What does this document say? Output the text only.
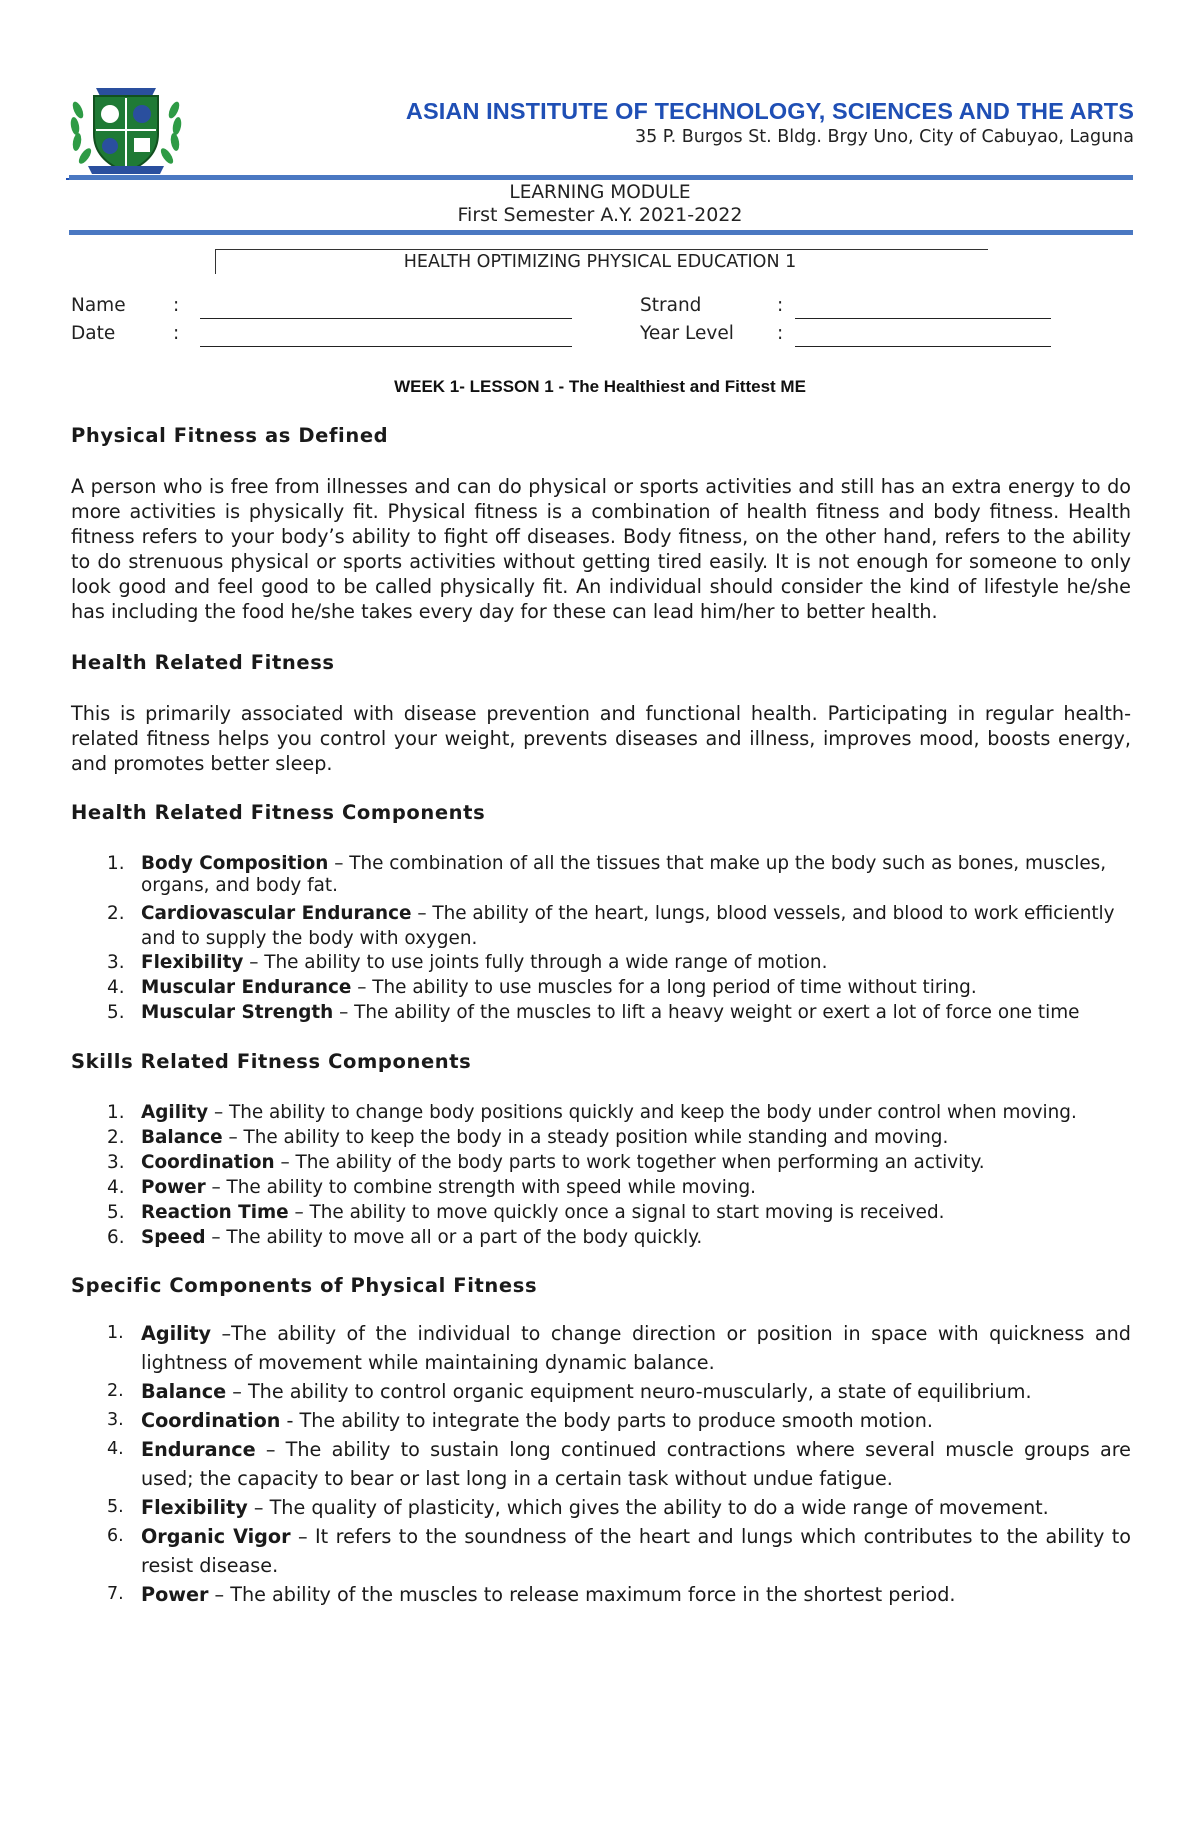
ASIAN INSTITUTE OF TECHNOLOGY, SCIENCES AND THE ARTS
35 P. Burgos St. Bldg. Brgy Uno, City of Cabuyao, Laguna
LEARNING MODULE
First Semester A.Y. 2021-2022
HEALTH OPTIMIZING PHYSICAL EDUCATION 1
Name	:
Date	:
Strand	:
Year Level :
WEEK 1- LESSON 1 - The Healthiest and Fittest ME

Physical Fitness as Defined

A person who is free from illnesses and can do physical or sports activities and still has an extra energy to do more activities is physically fit. Physical fitness is a combination of health fitness and body fitness. Health fitness refers to your body’s ability to fight off diseases. Body fitness, on the other hand, refers to the ability to do strenuous physical or sports activities without getting tired easily. It is not enough for someone to only look good and feel good to be called physically fit. An individual should consider the kind of lifestyle he/she has including the food he/she takes every day for these can lead him/her to better health.

Health Related Fitness

This is primarily associated with disease prevention and functional health. Participating in regular health-related fitness helps you control your weight, prevents diseases and illness, improves mood, boosts energy, and promotes better sleep.

Health Related Fitness Components

1. Body Composition – The combination of all the tissues that make up the body such as bones, muscles, organs, and body fat.
2. Cardiovascular Endurance – The ability of the heart, lungs, blood vessels, and blood to work efficiently and to supply the body with oxygen.
3. Flexibility – The ability to use joints fully through a wide range of motion.
4. Muscular Endurance – The ability to use muscles for a long period of time without tiring.
5. Muscular Strength – The ability of the muscles to lift a heavy weight or exert a lot of force one time

Skills Related Fitness Components

1. Agility – The ability to change body positions quickly and keep the body under control when moving.
2. Balance – The ability to keep the body in a steady position while standing and moving.
3. Coordination – The ability of the body parts to work together when performing an activity.
4. Power – The ability to combine strength with speed while moving.
5. Reaction Time – The ability to move quickly once a signal to start moving is received.
6. Speed – The ability to move all or a part of the body quickly.

Specific Components of Physical Fitness

1. Agility –The ability of the individual to change direction or position in space with quickness and lightness of movement while maintaining dynamic balance.
2. Balance – The ability to control organic equipment neuro-muscularly, a state of equilibrium.
3. Coordination - The ability to integrate the body parts to produce smooth motion.
4. Endurance – The ability to sustain long continued contractions where several muscle groups are used; the capacity to bear or last long in a certain task without undue fatigue.
5. Flexibility – The quality of plasticity, which gives the ability to do a wide range of movement.
6. Organic Vigor – It refers to the soundness of the heart and lungs which contributes to the ability to resist disease.
7. Power – The ability of the muscles to release maximum force in the shortest period.
